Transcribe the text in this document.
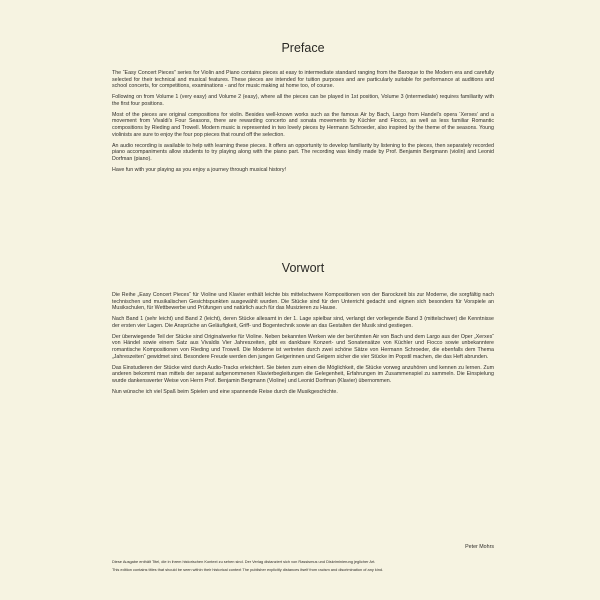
Preface

The “Easy Concert Pieces” series for Violin and Piano contains pieces at easy to intermediate standard ranging from the Baroque to the Modern era and carefully selected for their technical and musical features. These pieces are intended for tuition purposes and are particularly suitable for performance at auditions and school concerts, for competitions, examinations - and for music making at home too, of course.

Following on from Volume 1 (very easy) and Volume 2 (easy), where all the pieces can be played in 1st position, Volume 3 (intermediate) requires familiarity with the first four positions.

Most of the pieces are original compositions for violin. Besides well-known works such as the famous Air by Bach, Largo from Handel’s opera ‘Xerxes’ and a movement from Vivaldi’s Four Seasons, there are rewarding concerto and sonata movements by Küchler and Fiocco, as well as less familiar Romantic compositions by Rieding and Trowell. Modern music is represented in two lovely pieces by Hermann Schroeder, also inspired by the theme of the seasons. Young violinists are sure to enjoy the four pop pieces that round off the selection.

An audio recording is available to help with learning these pieces. It offers an opportunity to develop familiarity by listening to the pieces, then separately recorded piano accompaniments allow students to try playing along with the piano part. The recording was kindly made by Prof. Benjamin Bergmann (violin) and Leonid Dorfman (piano).

Have fun with your playing as you enjoy a journey through musical history!

Vorwort

Die Reihe „Easy Concert Pieces“ für Violine und Klavier enthält leichte bis mittelschwere Kompositionen von der Barockzeit bis zur Moderne, die sorgfältig nach technischen und musikalischen Gesichtspunkten ausgewählt wurden. Die Stücke sind für den Unterricht gedacht und eignen sich besonders für Vorspiele an Musikschulen, für Wettbewerbe und Prüfungen und natürlich auch für das Musizieren zu Hause.

Nach Band 1 (sehr leicht) und Band 2 (leicht), deren Stücke allesamt in der 1. Lage spielbar sind, verlangt der vorliegende Band 3 (mittelschwer) die Kenntnisse der ersten vier Lagen. Die Ansprüche an Geläufigkeit, Griff- und Bogentechnik sowie an das Gestalten der Musik sind gestiegen.

Der überwiegende Teil der Stücke sind Originalwerke für Violine. Neben bekannten Werken wie der berühmten Air von Bach und dem Largo aus der Oper „Xerxes“ von Händel sowie einem Satz aus Vivaldis Vier Jahreszeiten, gibt es dankbare Konzert- und Sonatensätze von Küchler und Fiocco sowie unbekanntere romantische Kompositionen von Rieding und Trowell. Die Moderne ist vertreten durch zwei schöne Sätze von Hermann Schroeder, die ebenfalls dem Thema „Jahreszeiten“ gewidmet sind. Besondere Freude werden den jungen Geigerinnen und Geigern sicher die vier Stücke im Popstil machen, die das Heft abrunden.

Das Einstudieren der Stücke wird durch Audio-Tracks erleichtert. Sie bieten zum einen die Möglichkeit, die Stücke vorweg anzuhören und kennen zu lernen. Zum anderen bekommt man mittels der separat aufgenommenen Klavierbegleitungen die Gelegenheit, Erfahrungen im Zusammenspiel zu sammeln. Die Einspielung wurde dankenswerter Weise von Herrn Prof. Benjamin Bergmann (Violine) und Leonid Dorfman (Klavier) übernommen.

Nun wünsche ich viel Spaß beim Spielen und eine spannende Reise durch die Musikgeschichte.

Peter Mohrs

Diese Ausgabe enthält Titel, die in ihrem historischen Kontext zu sehen sind. Der Verlag distanziert sich von Rassismus und Diskriminierung jeglicher Art.

This edition contains titles that should be seen within their historical context The publisher explicitly distances itself from racism and discrimination of any kind.
